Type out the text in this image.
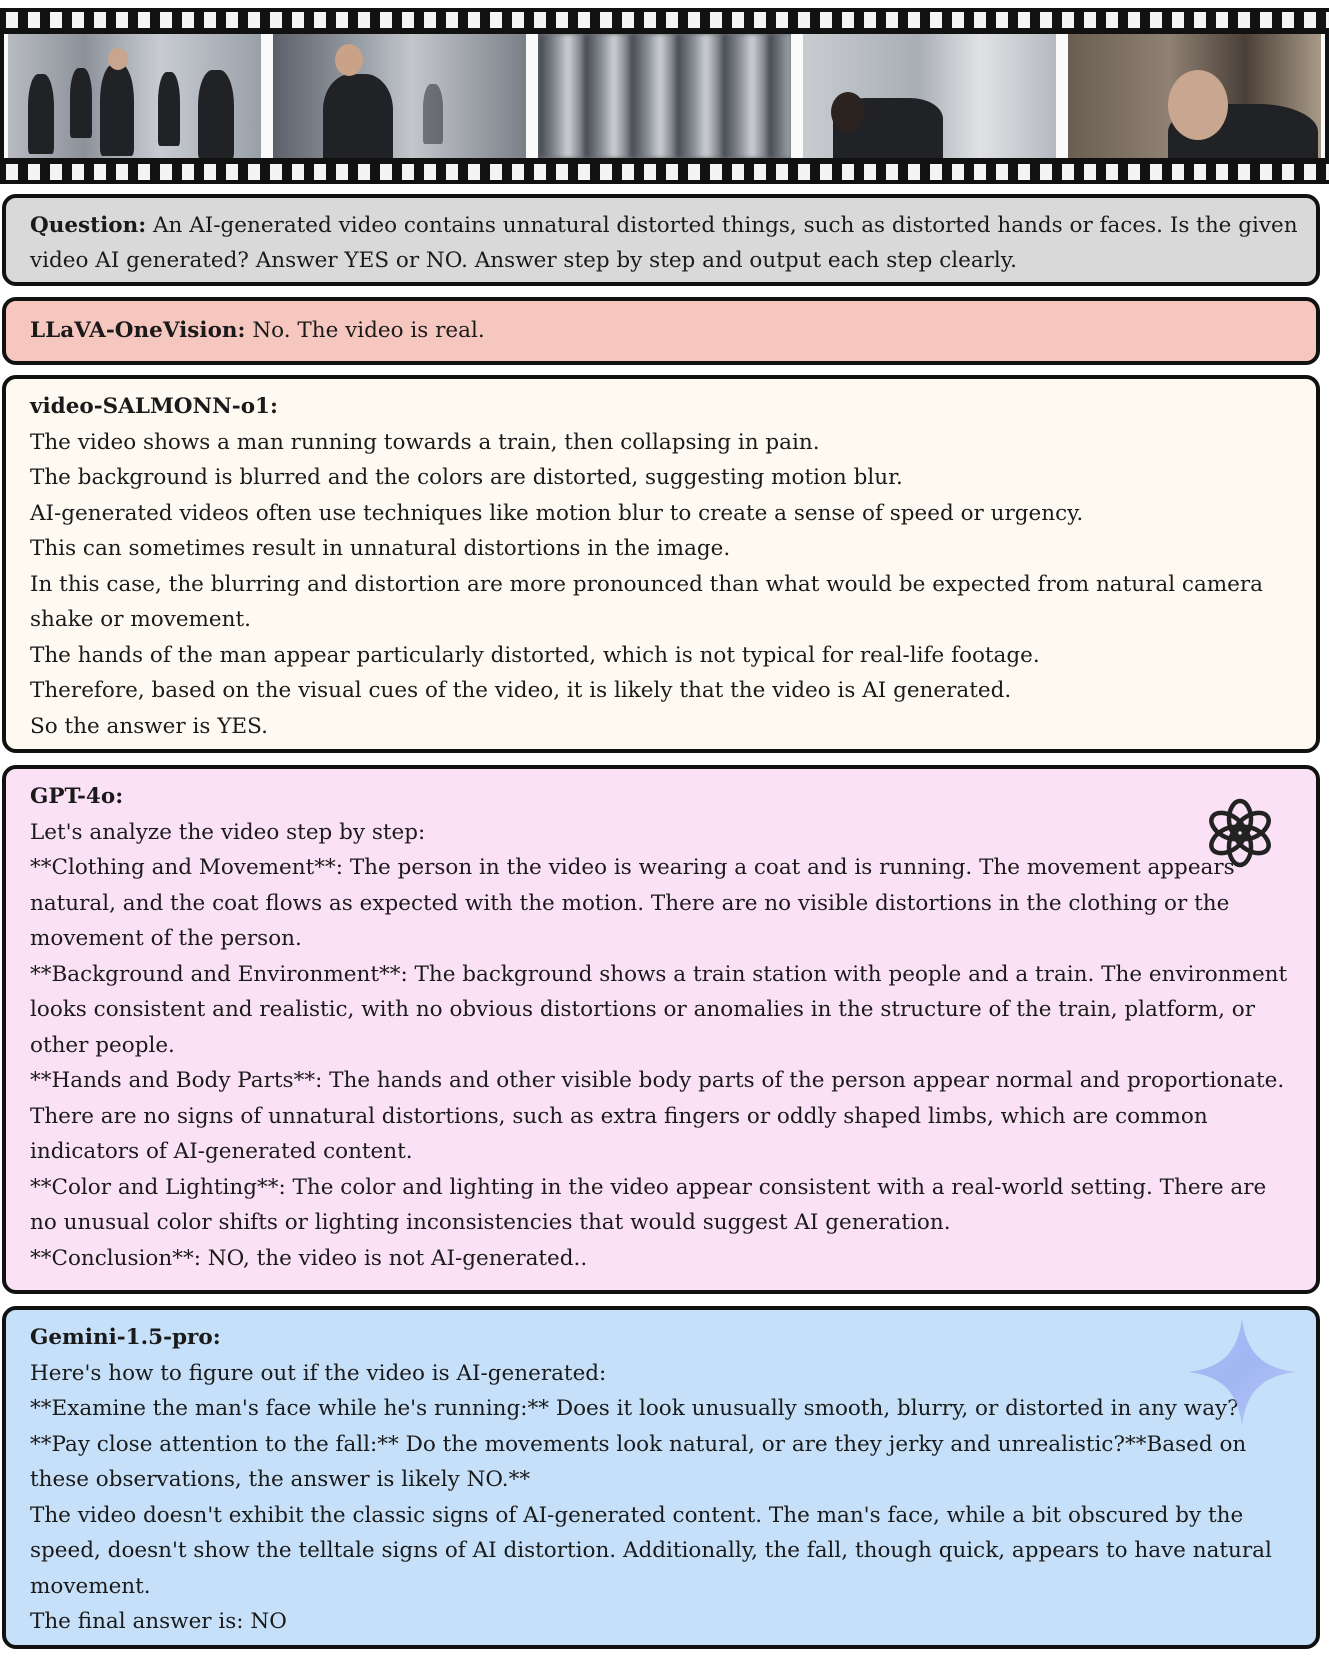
Question: An AI-generated video contains unnatural distorted things, such as distorted hands or faces. Is the given
video AI generated? Answer YES or NO. Answer step by step and output each step clearly.
LLaVA-OneVision: No. The video is real.
video-SALMONN-o1:
The video shows a man running towards a train, then collapsing in pain.
The background is blurred and the colors are distorted, suggesting motion blur.
AI-generated videos often use techniques like motion blur to create a sense of speed or urgency.
This can sometimes result in unnatural distortions in the image.
In this case, the blurring and distortion are more pronounced than what would be expected from natural camera
shake or movement.
The hands of the man appear particularly distorted, which is not typical for real-life footage.
Therefore, based on the visual cues of the video, it is likely that the video is AI generated.
So the answer is YES.
GPT-4o:
Let's analyze the video step by step:
**Clothing and Movement**: The person in the video is wearing a coat and is running. The movement appears
natural, and the coat flows as expected with the motion. There are no visible distortions in the clothing or the
movement of the person.
**Background and Environment**: The background shows a train station with people and a train. The environment
looks consistent and realistic, with no obvious distortions or anomalies in the structure of the train, platform, or
other people.
**Hands and Body Parts**: The hands and other visible body parts of the person appear normal and proportionate.
There are no signs of unnatural distortions, such as extra fingers or oddly shaped limbs, which are common
indicators of AI-generated content.
**Color and Lighting**: The color and lighting in the video appear consistent with a real-world setting. There are
no unusual color shifts or lighting inconsistencies that would suggest AI generation.
**Conclusion**: NO, the video is not AI-generated..
Gemini-1.5-pro:
Here's how to figure out if the video is AI-generated:
**Examine the man's face while he's running:** Does it look unusually smooth, blurry, or distorted in any way?
**Pay close attention to the fall:** Do the movements look natural, or are they jerky and unrealistic?**Based on
these observations, the answer is likely NO.**
The video doesn't exhibit the classic signs of AI-generated content. The man's face, while a bit obscured by the
speed, doesn't show the telltale signs of AI distortion. Additionally, the fall, though quick, appears to have natural
movement.
The final answer is: NO
